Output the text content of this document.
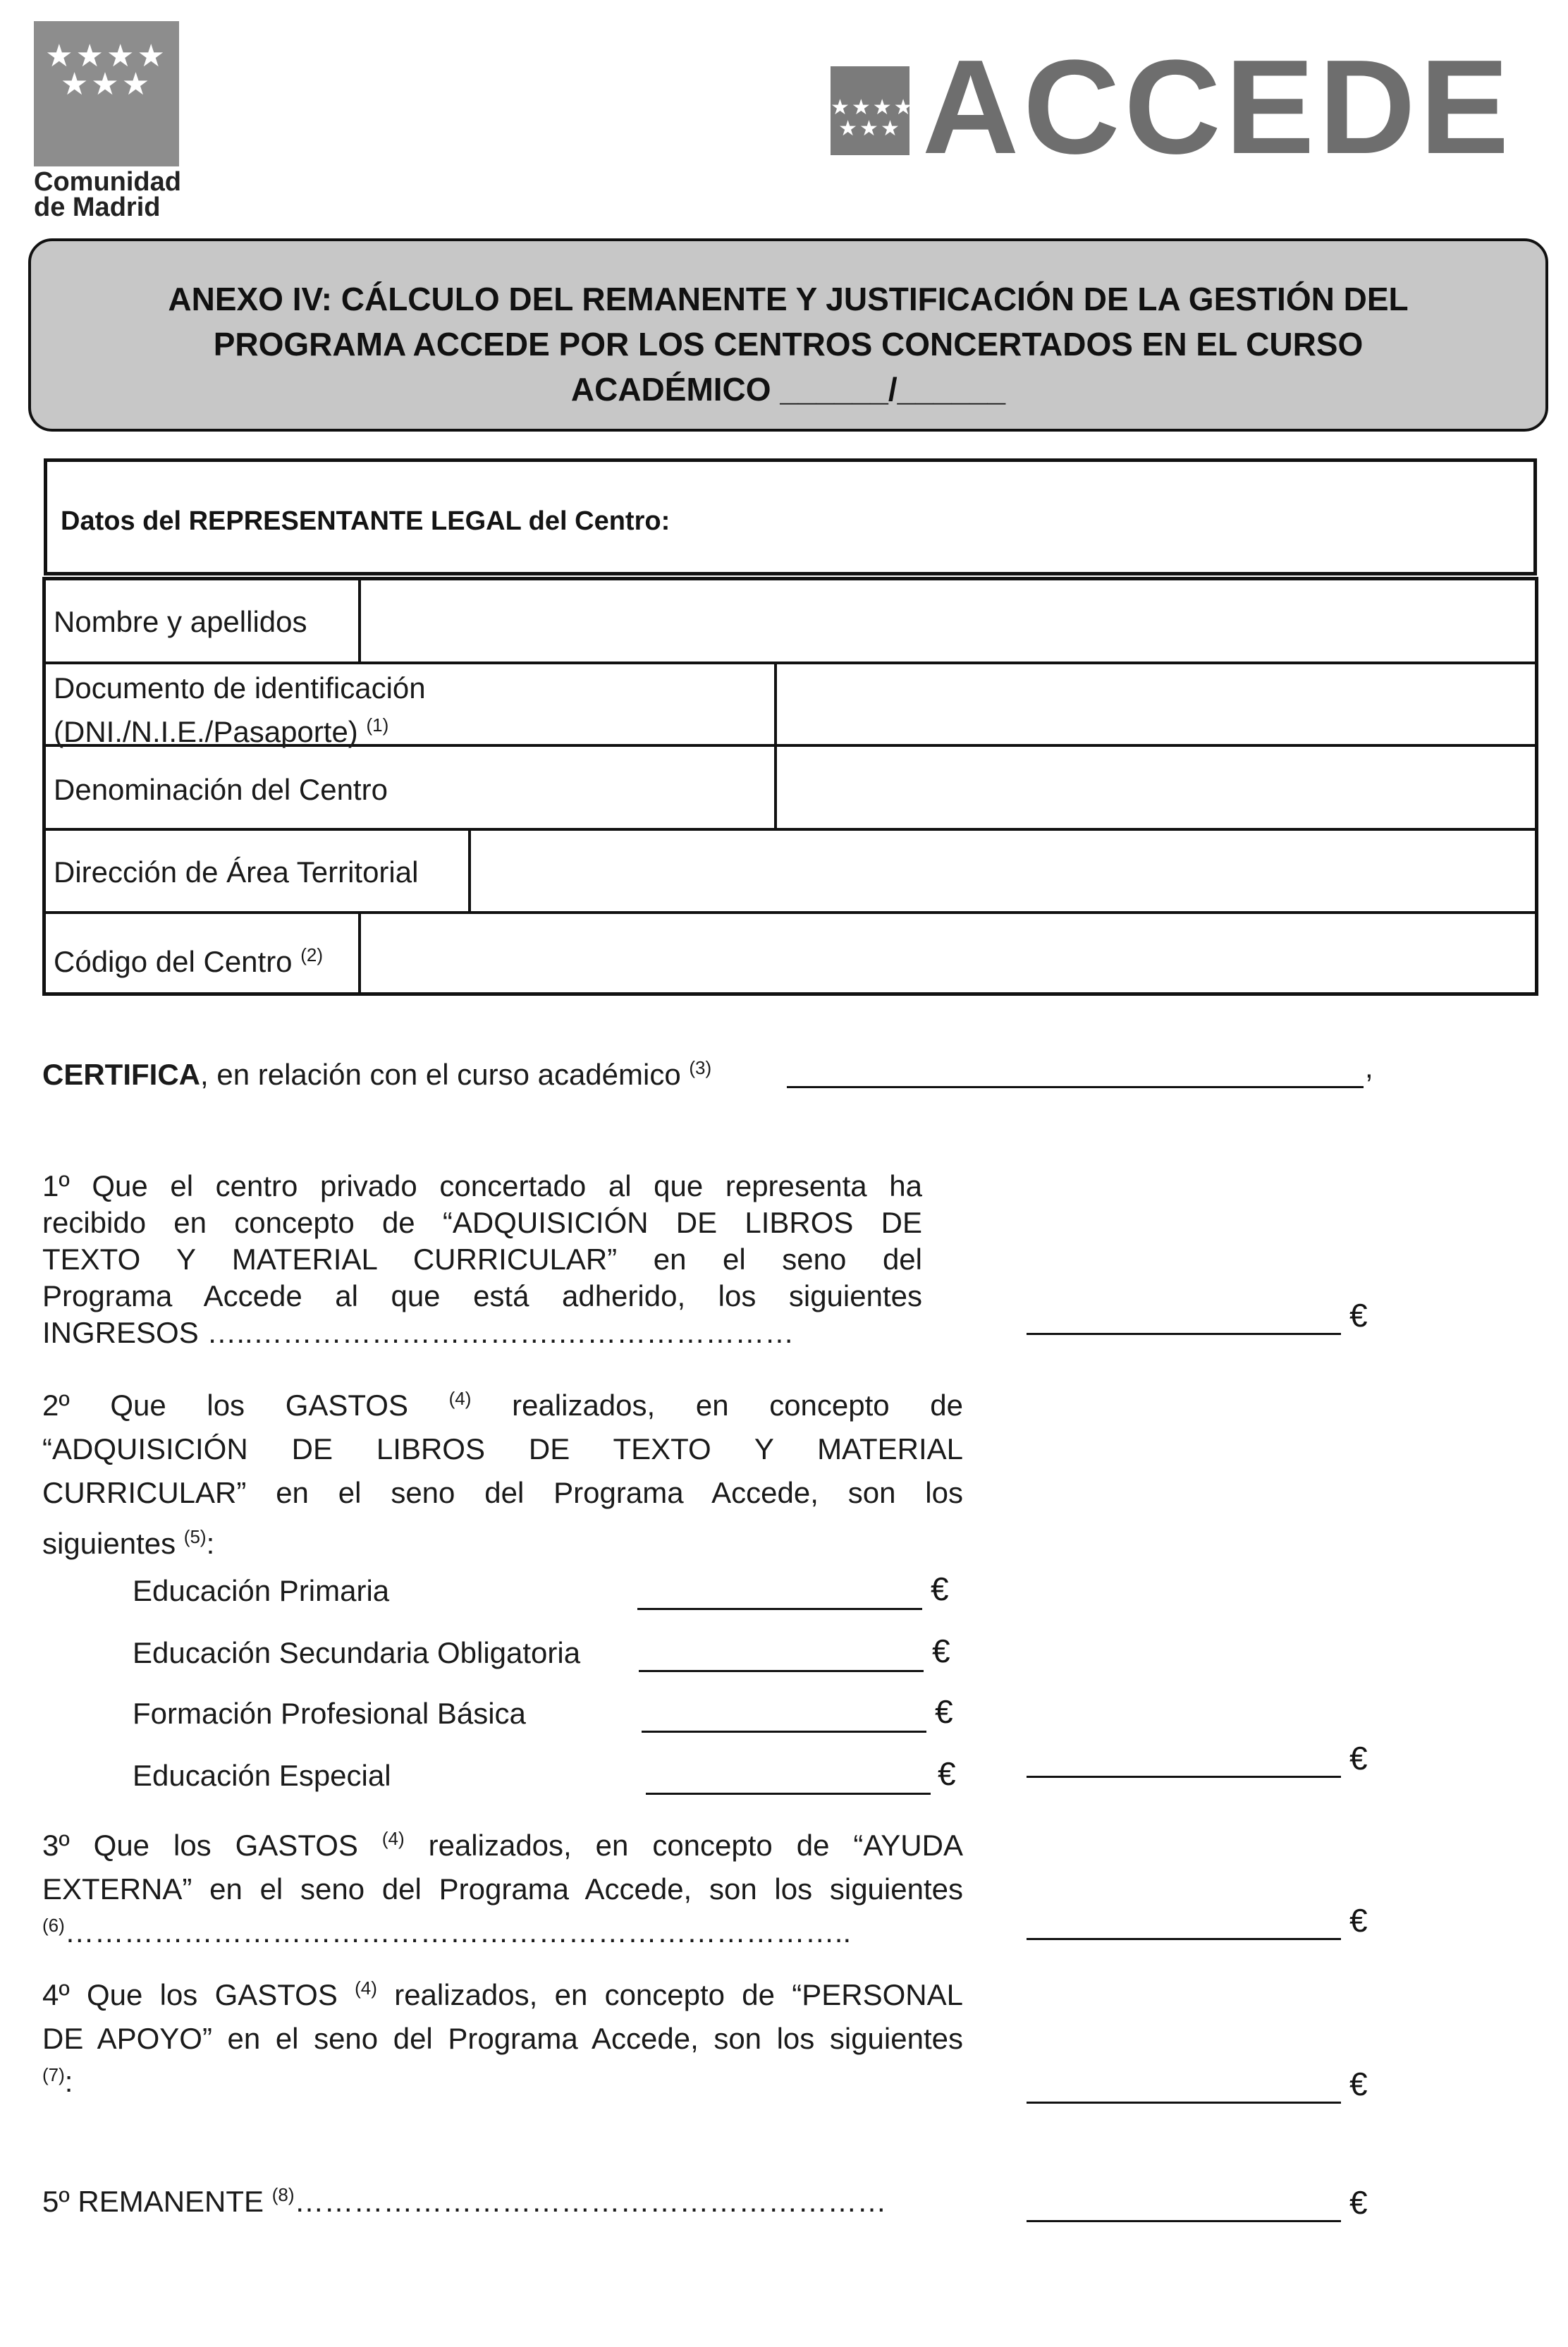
★★★★
★★★
Comunidad
de Madrid
★★★★
★★★ ACCEDE
ANEXO IV: CÁLCULO DEL REMANENTE Y JUSTIFICACIÓN DE LA GESTIÓN DEL
PROGRAMA ACCEDE POR LOS CENTROS CONCERTADOS EN EL CURSO
ACADÉMICO ______/______
Datos del REPRESENTANTE LEGAL del Centro:
Nombre y apellidos
Documento de identificación
(DNI./N.I.E./Pasaporte) $^{(1)}$
Denominación del Centro
Dirección de Área Territorial
Código del Centro $^{(2)}$
CERTIFICA, en relación con el curso académico $^{(3)}$	,
1º Que el centro privado concertado al que representa ha
recibido en concepto de “ADQUISICIÓN DE LIBROS DE
TEXTO Y MATERIAL CURRICULAR” en el seno del
Programa Accede al que está adherido, los siguientes
INGRESOS …..………………………….……………………	€
2º Que los GASTOS $^{(4)}$ realizados, en concepto de
“ADQUISICIÓN DE LIBROS DE TEXTO Y MATERIAL
CURRICULAR” en el seno del Programa Accede, son los
siguientes $^{(5)}$:
Educación Primaria	€
Educación Secundaria Obligatoria	€
Formación Profesional Básica	€
Educación Especial	€	€
3º Que los GASTOS $^{(4)}$ realizados, en concepto de “AYUDA
EXTERNA” en el seno del Programa Accede, son los siguientes
$^{(6)}$……………………………………………………………………..	€
4º Que los GASTOS $^{(4)}$ realizados, en concepto de “PERSONAL
DE APOYO” en el seno del Programa Accede, son los siguientes
$^{(7)}$:	€
5º REMANENTE $^{(8)}$……………………………………………………	€
